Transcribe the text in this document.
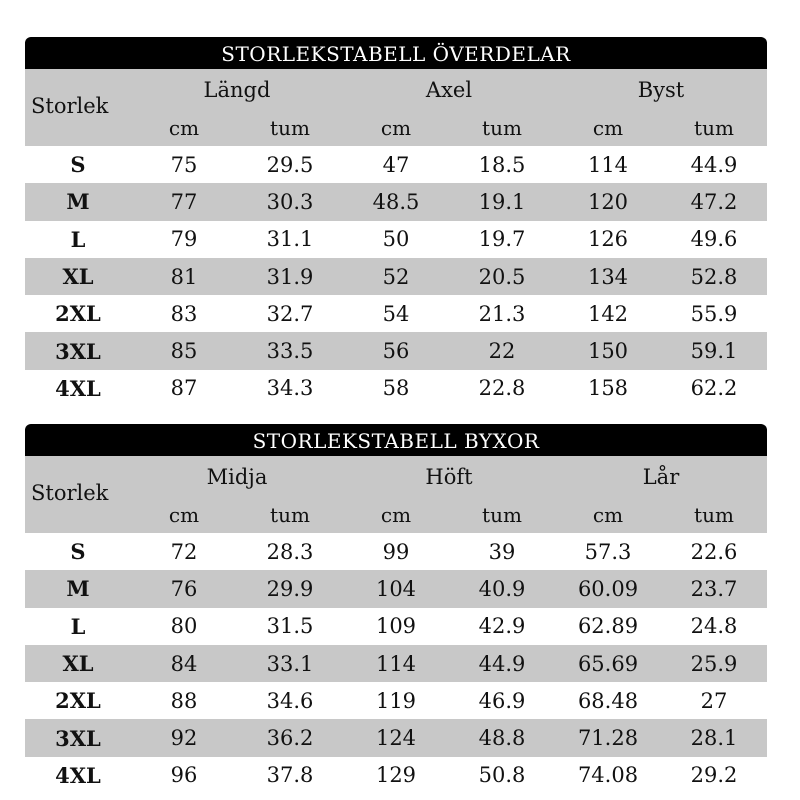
STORLEKSTABELL ÖVERDELAR
Storlek
Längd	Axel	Byst
cm	tum	cm	tum	cm	tum
S	75	29.5	47	18.5	114	44.9
M	77	30.3	48.5	19.1	120	47.2
L	79	31.1	50	19.7	126	49.6
XL	81	31.9	52	20.5	134	52.8
2XL	83	32.7	54	21.3	142	55.9
3XL	85	33.5	56	22	150	59.1
4XL	87	34.3	58	22.8	158	62.2
STORLEKSTABELL BYXOR
Storlek
Midja	Höft	Lår
cm	tum	cm	tum	cm	tum
S	72	28.3	99	39	57.3	22.6
M	76	29.9	104	40.9	60.09	23.7
L	80	31.5	109	42.9	62.89	24.8
XL	84	33.1	114	44.9	65.69	25.9
2XL	88	34.6	119	46.9	68.48	27
3XL	92	36.2	124	48.8	71.28	28.1
4XL	96	37.8	129	50.8	74.08	29.2
